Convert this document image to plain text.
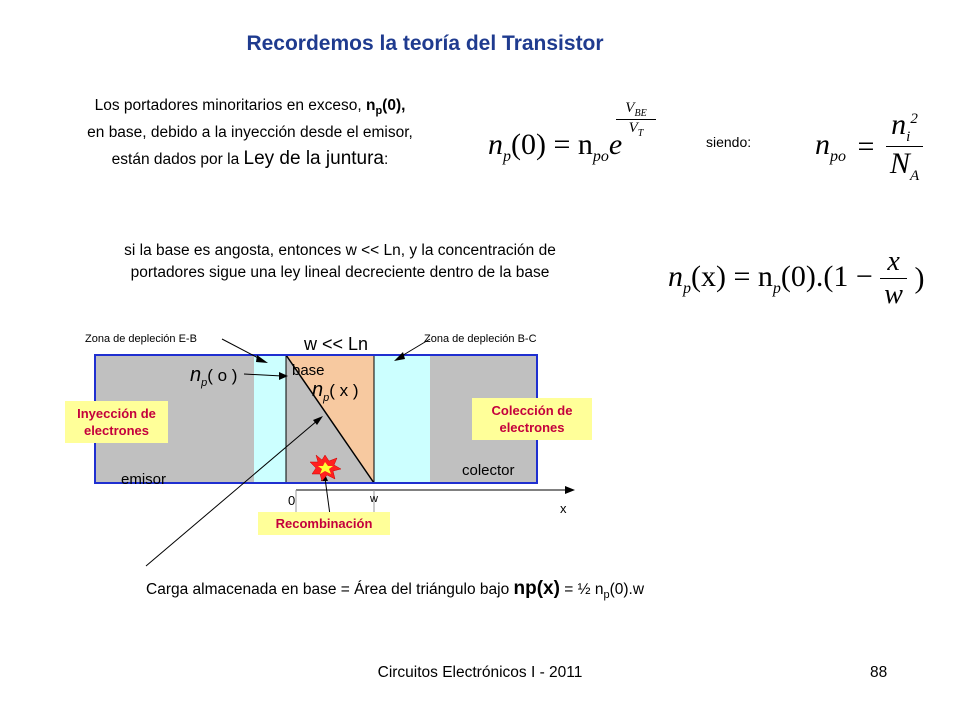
Recordemos la teoría del Transistor
Los portadores minoritarios en exceso, $n_p(0)$,
en base, debido a la inyección desde el emisor,
están dados por la Ley de la juntura:	$n_p(0) = n_{po}e$
$V_{BE}$
$V_T$
siendo: $n_{po} = \frac{n_i^2}{N_A}$
si la base es angosta, entonces w << Ln, y la concentración de
portadores sigue una ley lineal decreciente dentro de la base	$n_p(x) = n_p(0).(1 - \frac{x}{w}$ )
Zona de depleción E-B	Zona de depleción B-C
w << Ln
base
emisor
colector
0	w
x
$n_p^{( o )}$
$n_p^{( x )}$
Inyección de
electrones
Colección de
electrones
Recombinación
Carga almacenada en base = Área del triángulo bajo np(x) = ½ $n_p(0).w$
Circuitos Electrónicos I - 2011	88
